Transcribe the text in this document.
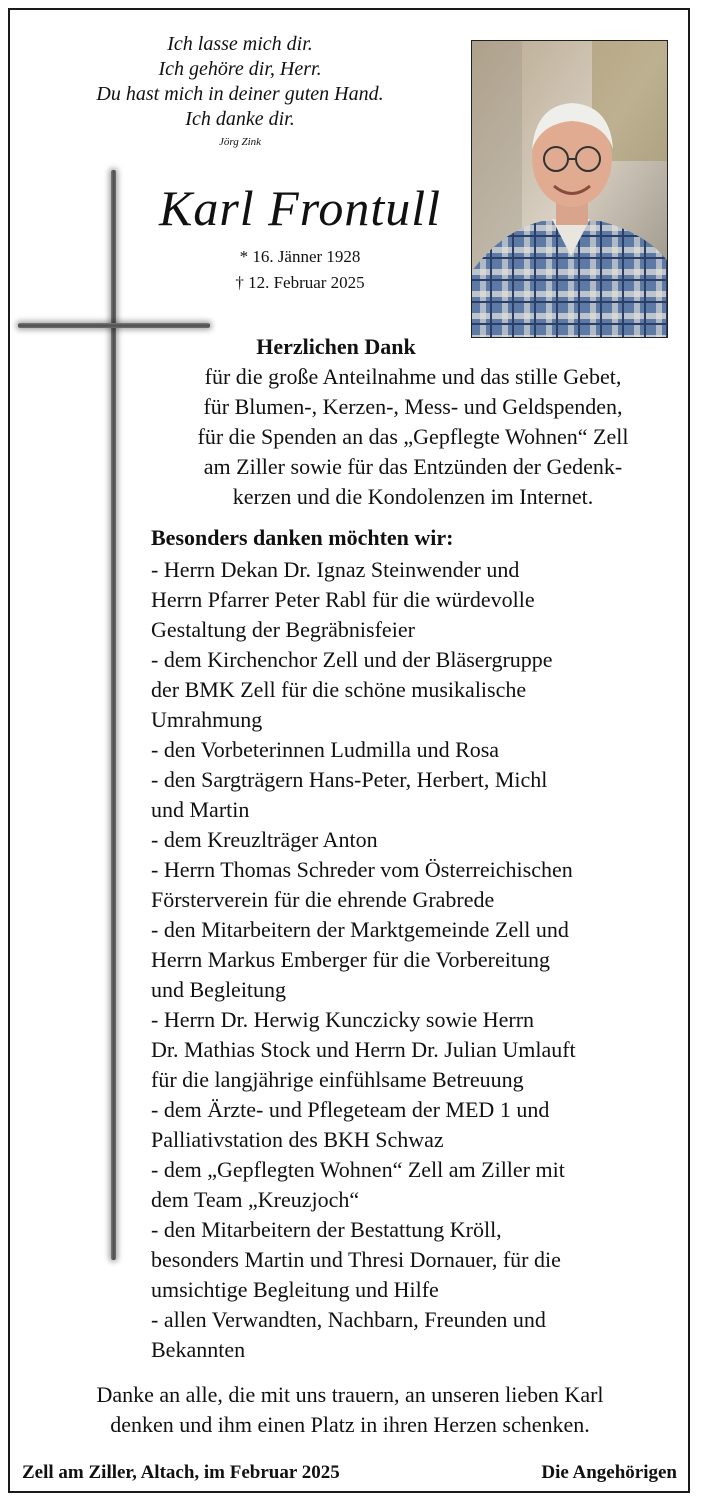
Ich lasse mich dir.
Ich gehöre dir, Herr.
Du hast mich in deiner guten Hand.
Ich danke dir.
Jörg Zink
Karl Frontull
* 16. Jänner 1928
† 12. Februar 2025
Herzlichen Dank
für die große Anteilnahme und das stille Gebet,
für Blumen-, Kerzen-, Mess- und Geldspenden,
für die Spenden an das „Gepflegte Wohnen“ Zell
am Ziller sowie für das Entzünden der Gedenk-
kerzen und die Kondolenzen im Internet.
Besonders danken möchten wir:
- Herrn Dekan Dr. Ignaz Steinwender und
Herrn Pfarrer Peter Rabl für die würdevolle
Gestaltung der Begräbnisfeier
- dem Kirchenchor Zell und der Bläsergruppe
der BMK Zell für die schöne musikalische
Umrahmung
- den Vorbeterinnen Ludmilla und Rosa
- den Sargträgern Hans-Peter, Herbert, Michl
und Martin
- dem Kreuzlträger Anton
- Herrn Thomas Schreder vom Österreichischen
Försterverein für die ehrende Grabrede
- den Mitarbeitern der Marktgemeinde Zell und
Herrn Markus Emberger für die Vorbereitung
und Begleitung
- Herrn Dr. Herwig Kunczicky sowie Herrn
Dr. Mathias Stock und Herrn Dr. Julian Umlauft
für die langjährige einfühlsame Betreuung
- dem Ärzte- und Pflegeteam der MED 1 und
Palliativstation des BKH Schwaz
- dem „Gepflegten Wohnen“ Zell am Ziller mit
dem Team „Kreuzjoch“
- den Mitarbeitern der Bestattung Kröll,
besonders Martin und Thresi Dornauer, für die
umsichtige Begleitung und Hilfe
- allen Verwandten, Nachbarn, Freunden und
Bekannten
Danke an alle, die mit uns trauern, an unseren lieben Karl
denken und ihm einen Platz in ihren Herzen schenken.
Zell am Ziller, Altach, im Februar 2025	Die Angehörigen
